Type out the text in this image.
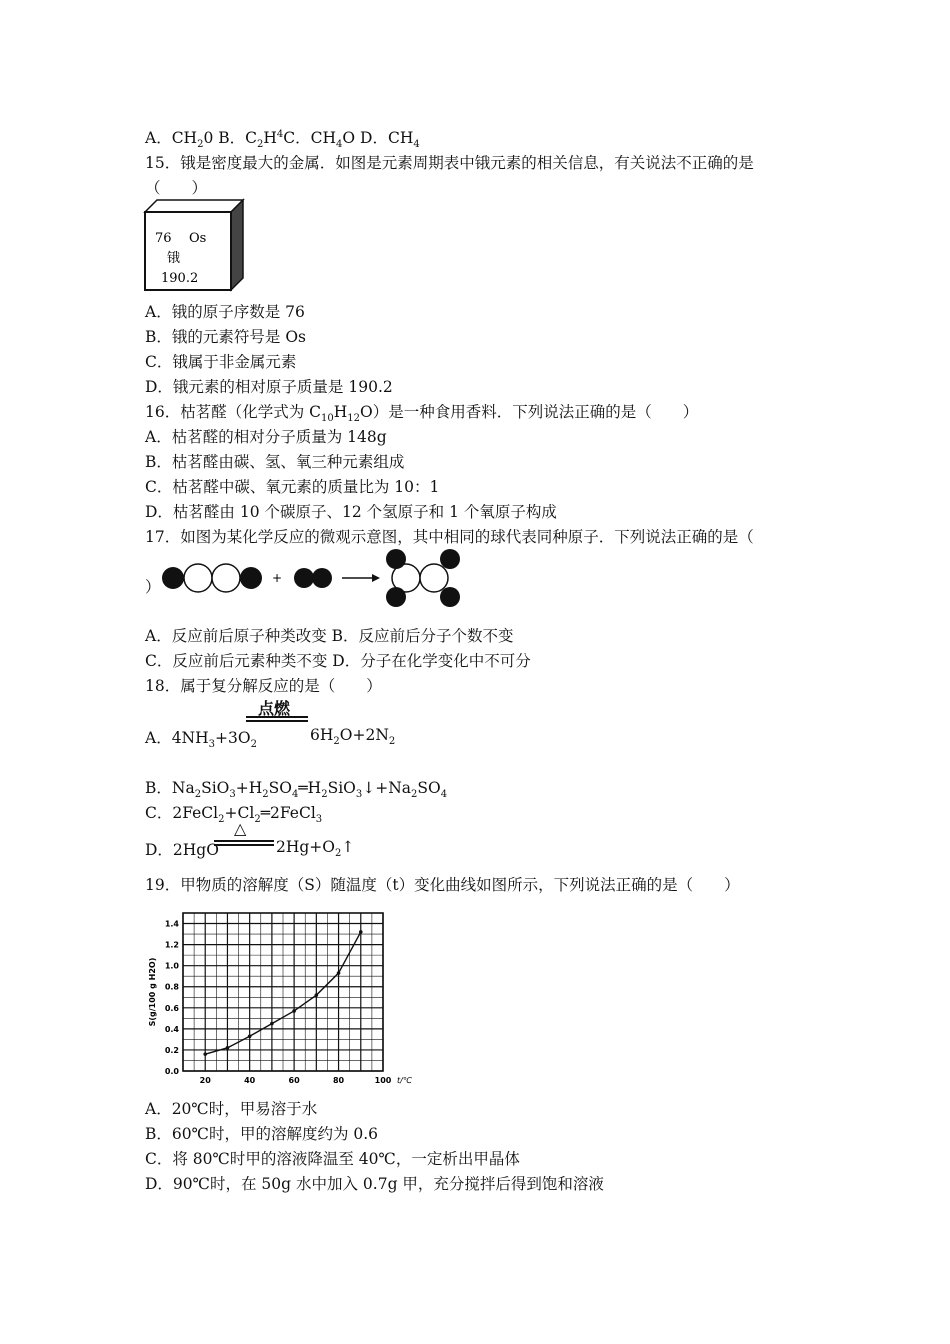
A．$CH_20$ B．$C_2H^4C$．$CH_4O$ D．$CH_4$
15．锇是密度最大的金属．如图是元素周期表中锇元素的相关信息，有关说法不正确的是
（　　）
76 Os
锇
190.2
A．锇的原子序数是 76
B．锇的元素符号是 Os
C．锇属于非金属元素
D．锇元素的相对原子质量是 190.2
16．枯茗醛（化学式为 $C_{10}H_{12}O$）是一种食用香料．下列说法正确的是（　　）
A．枯茗醛的相对分子质量为 148g
B．枯茗醛由碳、氢、氧三种元素组成
C．枯茗醛中碳、氧元素的质量比为 10：1
D．枯茗醛由 10 个碳原子、12 个氢原子和 1 个氧原子构成
17．如图为某化学反应的微观示意图，其中相同的球代表同种原子．下列说法正确的是（
）	+
A．反应前后原子种类改变 B．反应前后分子个数不变
C．反应前后元素种类不变 D．分子在化学变化中不可分
18．属于复分解反应的是（　　）
点燃
A．$4NH_3+3O_2$
$6H_2O+2N_2$
B．$Na_2SiO_3+H_2SO_4═H_2SiO_3↓+Na_2SO_4$
C．$2FeCl_2+Cl_2═2FeCl_3$
△
D．2HgO	$2Hg+O_2↑$
19．甲物质的溶解度（S）随温度（t）变化曲线如图所示，下列说法正确的是（　　）
0.0
0.2
0.4
0.6
0.8
1.0
1.2
1.4
20	40	60	80	100 t/℃
S(g/100 g H2O)
A．20℃时，甲易溶于水
B．60℃时，甲的溶解度约为 0.6
C．将 80℃时甲的溶液降温至 40℃，一定析出甲晶体
D．90℃时，在 50g 水中加入 0.7g 甲，充分搅拌后得到饱和溶液
